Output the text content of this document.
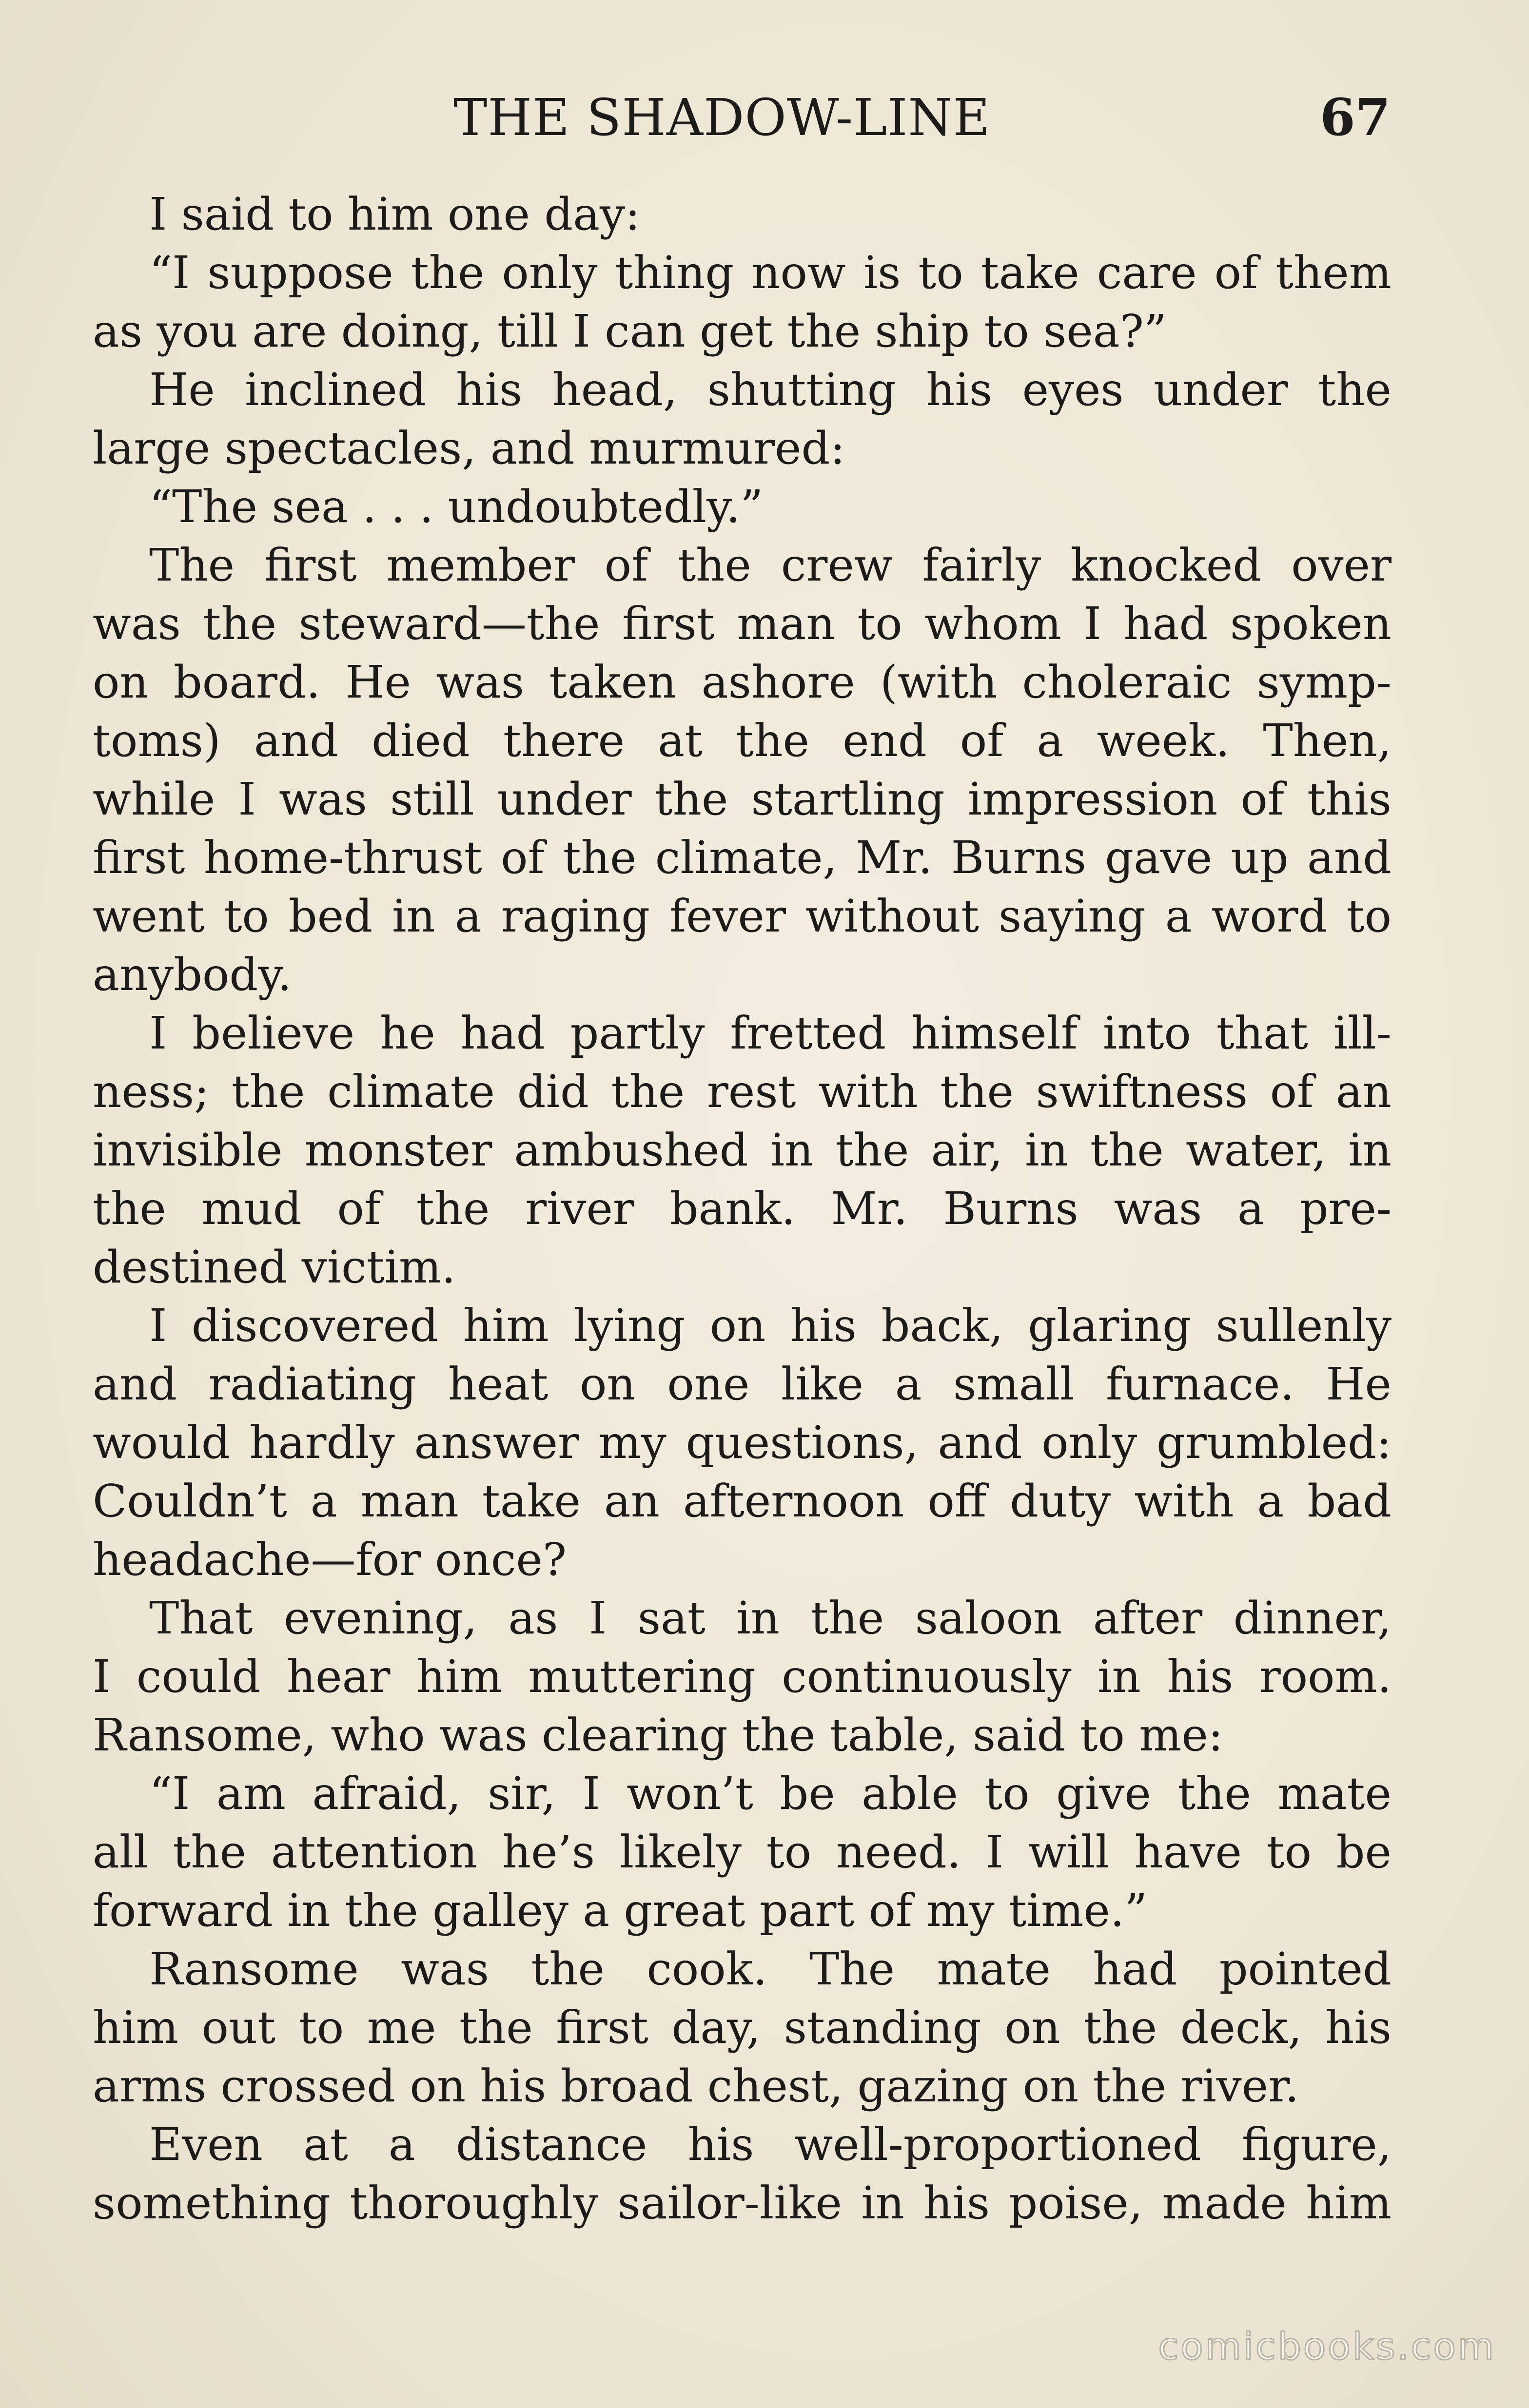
THE SHADOW-LINE	67
I said to him one day:
“I suppose the only thing now is to take care of them
as you are doing, till I can get the ship to sea?”
He inclined his head, shutting his eyes under the
large spectacles, and murmured:
“The sea . . . undoubtedly.”
The first member of the crew fairly knocked over
was the steward—the first man to whom I had spoken
on board. He was taken ashore (with choleraic symp-
toms) and died there at the end of a week. Then,
while I was still under the startling impression of this
first home-thrust of the climate, Mr. Burns gave up and
went to bed in a raging fever without saying a word to
anybody.
I believe he had partly fretted himself into that ill-
ness; the climate did the rest with the swiftness of an
invisible monster ambushed in the air, in the water, in
the mud of the river bank. Mr. Burns was a pre-
destined victim.
I discovered him lying on his back, glaring sullenly
and radiating heat on one like a small furnace. He
would hardly answer my questions, and only grumbled:
Couldn’t a man take an afternoon off duty with a bad
headache—for once?
That evening, as I sat in the saloon after dinner,
I could hear him muttering continuously in his room.
Ransome, who was clearing the table, said to me:
“I am afraid, sir, I won’t be able to give the mate
all the attention he’s likely to need. I will have to be
forward in the galley a great part of my time.”
Ransome was the cook. The mate had pointed
him out to me the first day, standing on the deck, his
arms crossed on his broad chest, gazing on the river.
Even at a distance his well-proportioned figure,
something thoroughly sailor-like in his poise, made him
comicbooks.com
